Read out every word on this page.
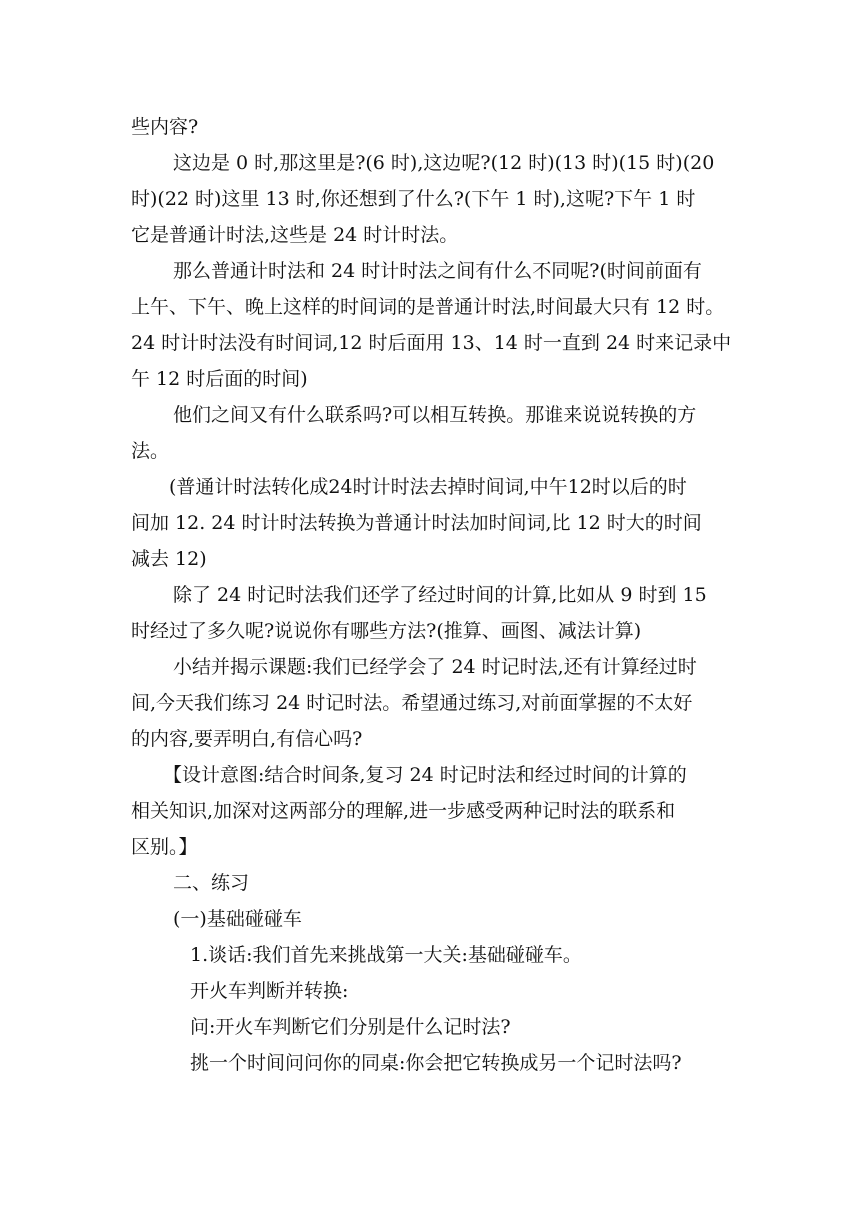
些内容?
这边是 0 时,那这里是?(6 时),这边呢?(12 时)(13 时)(15 时)(20
时)(22 时)这里 13 时,你还想到了什么?(下午 1 时),这呢?下午 1 时
它是普通计时法,这些是 24 时计时法。
那么普通计时法和 24 时计时法之间有什么不同呢?(时间前面有
上午、下午、晚上这样的时间词的是普通计时法,时间最大只有 12 时。
24 时计时法没有时间词,12 时后面用 13、14 时一直到 24 时来记录中
午 12 时后面的时间)
他们之间又有什么联系吗?可以相互转换。那谁来说说转换的方
法。
(普通计时法转化成24时计时法去掉时间词,中午12时以后的时
间加 12. 24 时计时法转换为普通计时法加时间词,比 12 时大的时间
减去 12)
除了 24 时记时法我们还学了经过时间的计算,比如从 9 时到 15
时经过了多久呢?说说你有哪些方法?(推算、画图、减法计算)
小结并揭示课题:我们已经学会了 24 时记时法,还有计算经过时
间,今天我们练习 24 时记时法。希望通过练习,对前面掌握的不太好
的内容,要弄明白,有信心吗?
【设计意图:结合时间条,复习 24 时记时法和经过时间的计算的
相关知识,加深对这两部分的理解,进一步感受两种记时法的联系和
区别。】
二、练习
(一)基础碰碰车
1.谈话:我们首先来挑战第一大关:基础碰碰车。
开火车判断并转换:
问:开火车判断它们分别是什么记时法?
挑一个时间问问你的同桌:你会把它转换成另一个记时法吗?
